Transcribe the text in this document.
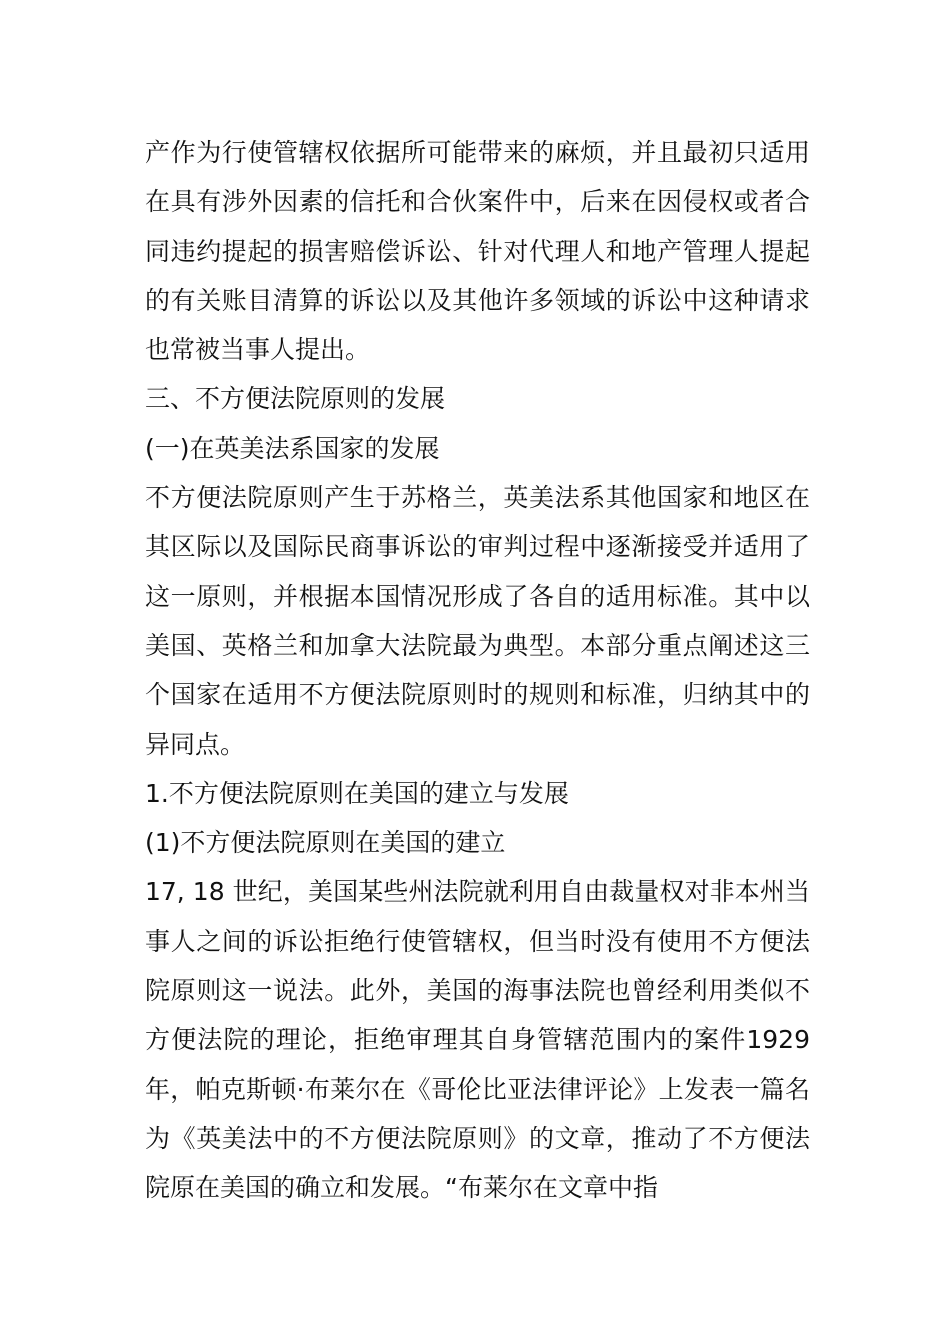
产作为行使管辖权依据所可能带来的麻烦，并且最初只适用在具有涉外因素的信托和合伙案件中，后来在因侵权或者合同违约提起的损害赔偿诉讼、针对代理人和地产管理人提起的有关账目清算的诉讼以及其他许多领域的诉讼中这种请求也常被当事人提出。

三、不方便法院原则的发展
(一)在英美法系国家的发展

不方便法院原则产生于苏格兰，英美法系其他国家和地区在其区际以及国际民商事诉讼的审判过程中逐渐接受并适用了这一原则，并根据本国情况形成了各自的适用标准。其中以美国、英格兰和加拿大法院最为典型。本部分重点阐述这三个国家在适用不方便法院原则时的规则和标准，归纳其中的异同点。

1.不方便法院原则在美国的建立与发展
(1)不方便法院原则在美国的建立

17, 18 世纪，美国某些州法院就利用自由裁量权对非本州当事人之间的诉讼拒绝行使管辖权，但当时没有使用不方便法院原则这一说法。此外，美国的海事法院也曾经利用类似不方便法院的理论，拒绝审理其自身管辖范围内的案件1929 年，帕克斯顿·布莱尔在《哥伦比亚法律评论》上发表一篇名为《英美法中的不方便法院原则》的文章，推动了不方便法院原在美国的确立和发展。“布莱尔在文章中指
